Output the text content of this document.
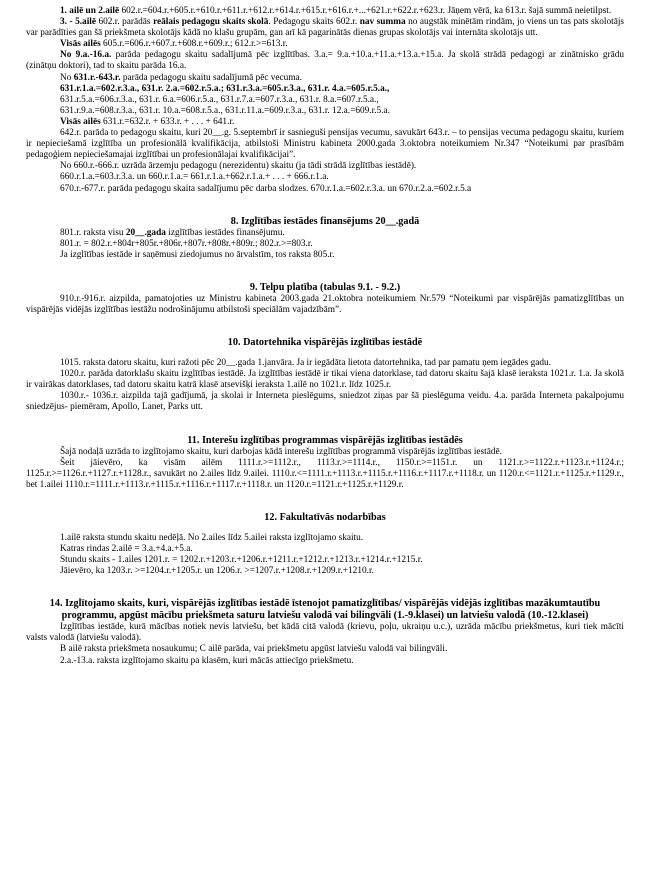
1. ailē un 2.ailē 602.r.=604.r.+605.r.+610.r.+611.r.+612.r.+614.r.+615.r.+616.r.+...+621.r.+622.r.+623.r. Jāņem vērā, ka 613.r. šajā summā neietilpst.

3. - 5.ailē 602.r. parādās reālais pedagogu skaits skolā. Pedagogu skaits 602.r. nav summa no augstāk minētām rindām, jo viens un tas pats skolotājs var parādīties gan šā priekšmeta skolotājs kādā no klašu grupām, gan arī kā pagarinātās dienas grupas skolotājs vai internāta skolotājs utt.

Visās ailēs 605.r.=606.r.+607.r.+608.r.+609.r.; 612.r.>=613.r.

No 9.a.-16.a. parāda pedagogu skaitu sadalījumā pēc izglītības. 3.a.= 9.a.+10.a.+11.a.+13.a.+15.a. Ja skolā strādā pedagogi ar zinātnisko grādu (zinātņu doktori), tad to skaitu parāda 16.a.

No 631.r.-643.r. parāda pedagogu skaitu sadalījumā pēc vecuma.

631.r.1.a.=602.r.3.a., 631.r. 2.a.=602.r.5.a.; 631.r.3.a.=605.r.3.a., 631.r. 4.a.=605.r.5.a.,

631.r.5.a.=606.r.3.a., 631.r. 6.a.=606.r.5.a., 631.r.7.a.=607.r.3.a., 631.r. 8.a.=607.r.5.a.,

631.r.9.a.=608.r.3.a., 631.r. 10.a.=608.r.5.a., 631.r.11.a.=609.r.3.a., 631.r. 12.a.=609.r.5.a.

Visās ailēs 631.r.=632.r. + 633.r. + . . . + 641.r.

642.r. parāda to pedagogu skaitu, kuri 20__.g. 5.septembrī ir sasnieguši pensijas vecumu, savukārt 643.r. – to pensijas vecuma pedagogu skaitu, kuriem ir nepieciešamā izglītība un profesionālā kvalifikācija, atbilstoši Ministru kabineta 2000.gada 3.oktobra noteikumiem Nr.347 “Noteikumi par prasībām pedagoģiem nepieciešamajai izglītībai un profesionālajai kvalifikācijai”.

No 660.r.-666.r. uzrāda ārzemju pedagogu (nerezidentu) skaitu (ja tādi strādā izglītības iestādē).

660.r.1.a.=603.r.3.a. un 660.r.1.a.= 661.r.1.a.+662.r.1.a.+ . . . + 666.r.1.a.

670.r.-677.r. parāda pedagogu skaita sadalījumu pēc darba slodzes. 670.r.1.a.=602.r.3.a. un 670.r.2.a.=602.r.5.a

8. Izglītības iestādes finansējums 20__.gadā

801.r. raksta visu 20__.gada izglītības iestādes finansējumu.

801.r. = 802.r.+804r+805r.+806r.+807r.+808r.+809r.; 802.r.>=803.r.

Ja izglītības iestāde ir saņēmusi ziedojumus no ārvalstīm, tos raksta 805.r.

9. Telpu platība (tabulas 9.1. - 9.2.)

910.r.-916.r. aizpilda, pamatojoties uz Ministru kabineta 2003.gada 21.oktobra noteikumiem Nr.579 “Noteikumi par vispārējās pamatizglītības un vispārējās vidējās izglītības iestāžu nodrošinājumu atbilstoši speciālām vajadzībām”.

10. Datortehnika vispārējās izglītības iestādē

1015. raksta datoru skaitu, kuri ražoti pēc 20__.gada 1.janvāra. Ja ir iegādāta lietota datortehnika, tad par pamatu ņem iegādes gadu.

1020.r. parāda datorklašu skaitu izglītības iestādē. Ja izglītības iestādē ir tikai viena datorklase, tad datoru skaitu šajā klasē ieraksta 1021.r. 1.a. Ja skolā ir vairākas datorklases, tad datoru skaitu katrā klasē atsevišķi ieraksta 1.ailē no 1021.r. līdz 1025.r.

1030.r.- 1036.r. aizpilda tajā gadījumā, ja skolai ir Interneta pieslēgums, sniedzot ziņas par šā pieslēguma veidu. 4.a. parāda Interneta pakalpojumu sniedzējus- piemēram, Apollo, Lanet, Parks utt.

11. Interešu izglītības programmas vispārējās izglītības iestādēs

Šajā nodaļā uzrāda to izglītojamo skaitu, kuri darbojas kādā interešu izglītības programmā vispārējās izglītības iestādē.

Šeit jāievēro, ka visām ailēm 1111.r.>=1112.r., 1113.r.>=1114.r., 1150.r.>=1151.r. un 1121.r.>=1122.r.+1123.r.+1124.r.; 1125.r.>=1126.r.+1127.r.+1128.r., savukārt no 2.ailes līdz 9.ailei. 1110.r.<=1111.r.+1113.r.+1115.r.+1116.r.+1117.r.+1118.r. un 1120.r.<=1121.r.+1125.r.+1129.r., bet 1.ailei 1110.r.=1111.r.+1113.r.+1115.r.+1116.r.+1117.r.+1118.r. un 1120.r.=1121.r.+1125.r.+1129.r.

12. Fakultatīvās nodarbības

1.ailē raksta stundu skaitu nedēļā. No 2.ailes līdz 5.ailei raksta izglītojamo skaitu.

Katras rindas 2.ailē = 3.a.+4.a.+5.a.

Stundu skaits - 1.ailes 1201.r. = 1202.r.+1203.r.+1206.r.+1211.r.+1212.r.+1213.r.+1214.r.+1215.r.

Jāievēro, ka 1203.r. >=1204.r.+1205.r. un 1206.r. >=1207.r.+1208.r.+1209.r.+1210.r.

14. Izglītojamo skaits, kuri, vispārējās izglītības iestādē īstenojot pamatizglītības/ vispārējās vidējās izglītības mazākumtautību programmu, apgūst mācību priekšmeta saturu latviešu valodā vai bilingvāli (1.-9.klasei) un latviešu valodā (10.-12.klasei)

Izglītības iestāde, kurā mācības notiek nevis latviešu, bet kādā citā valodā (krievu, poļu, ukraiņu u.c.), uzrāda mācību priekšmetus, kuri tiek mācīti valsts valodā (latviešu valodā).

B ailē raksta priekšmeta nosaukumu; C ailē parāda, vai priekšmetu apgūst latviešu valodā vai bilingvāli.

2.a.-13.a. raksta izglītojamo skaitu pa klasēm, kuri mācās attiecīgo priekšmetu.
